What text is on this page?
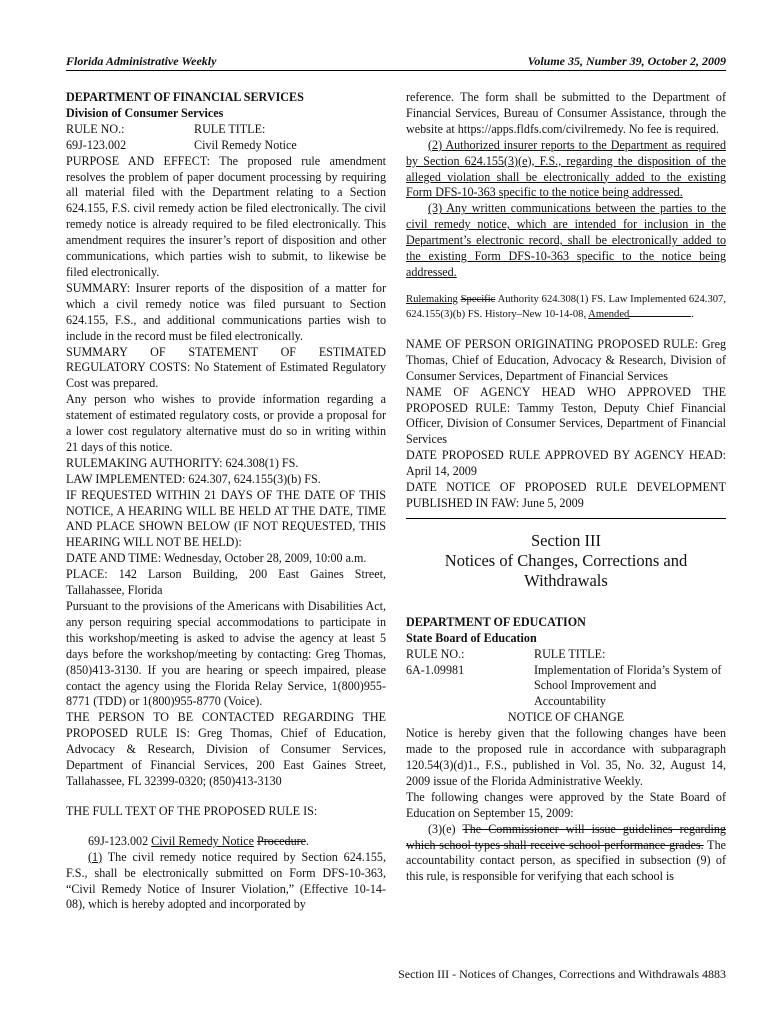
Florida Administrative Weekly	Volume 35, Number 39, October 2, 2009

DEPARTMENT OF FINANCIAL SERVICES

Division of Consumer Services

RULE NO.:	RULE TITLE:
69J-123.002	Civil Remedy Notice

PURPOSE AND EFFECT: The proposed rule amendment resolves the problem of paper document processing by requiring all material filed with the Department relating to a Section 624.155, F.S. civil remedy action be filed electronically. The civil remedy notice is already required to be filed electronically. This amendment requires the insurer’s report of disposition and other communications, which parties wish to submit, to likewise be filed electronically.

SUMMARY: Insurer reports of the disposition of a matter for which a civil remedy notice was filed pursuant to Section 624.155, F.S., and additional communications parties wish to include in the record must be filed electronically.

SUMMARY OF STATEMENT OF ESTIMATED REGULATORY COSTS: No Statement of Estimated Regulatory Cost was prepared.

Any person who wishes to provide information regarding a statement of estimated regulatory costs, or provide a proposal for a lower cost regulatory alternative must do so in writing within 21 days of this notice.

RULEMAKING AUTHORITY: 624.308(1) FS.

LAW IMPLEMENTED: 624.307, 624.155(3)(b) FS.

IF REQUESTED WITHIN 21 DAYS OF THE DATE OF THIS NOTICE, A HEARING WILL BE HELD AT THE DATE, TIME AND PLACE SHOWN BELOW (IF NOT REQUESTED, THIS HEARING WILL NOT BE HELD):

DATE AND TIME: Wednesday, October 28, 2009, 10:00 a.m.

PLACE: 142 Larson Building, 200 East Gaines Street, Tallahassee, Florida

Pursuant to the provisions of the Americans with Disabilities Act, any person requiring special accommodations to participate in this workshop/meeting is asked to advise the agency at least 5 days before the workshop/meeting by contacting: Greg Thomas, (850)413-3130. If you are hearing or speech impaired, please contact the agency using the Florida Relay Service, 1(800)955-8771 (TDD) or 1(800)955-8770 (Voice).

THE PERSON TO BE CONTACTED REGARDING THE PROPOSED RULE IS: Greg Thomas, Chief of Education, Advocacy & Research, Division of Consumer Services, Department of Financial Services, 200 East Gaines Street, Tallahassee, FL 32399-0320; (850)413-3130

THE FULL TEXT OF THE PROPOSED RULE IS:

69J-123.002 Civil Remedy Notice Procedure.

(1) The civil remedy notice required by Section 624.155, F.S., shall be electronically submitted on Form DFS-10-363, “Civil Remedy Notice of Insurer Violation,” (Effective 10-14-08), which is hereby adopted and incorporated by

reference. The form shall be submitted to the Department of Financial Services, Bureau of Consumer Assistance, through the website at https://apps.fldfs.com/civilremedy. No fee is required.

(2) Authorized insurer reports to the Department as required by Section 624.155(3)(e), F.S., regarding the disposition of the alleged violation shall be electronically added to the existing Form DFS-10-363 specific to the notice being addressed.

(3) Any written communications between the parties to the civil remedy notice, which are intended for inclusion in the Department’s electronic record, shall be electronically added to the existing Form DFS-10-363 specific to the notice being addressed.

Rulemaking Specific Authority 624.308(1) FS. Law Implemented 624.307, 624.155(3)(b) FS. History–New 10-14-08, Amended	.

NAME OF PERSON ORIGINATING PROPOSED RULE: Greg Thomas, Chief of Education, Advocacy & Research, Division of Consumer Services, Department of Financial Services

NAME OF AGENCY HEAD WHO APPROVED THE PROPOSED RULE: Tammy Teston, Deputy Chief Financial Officer, Division of Consumer Services, Department of Financial Services

DATE PROPOSED RULE APPROVED BY AGENCY HEAD: April 14, 2009

DATE NOTICE OF PROPOSED RULE DEVELOPMENT PUBLISHED IN FAW: June 5, 2009

Section III

Notices of Changes, Corrections and Withdrawals

DEPARTMENT OF EDUCATION

State Board of Education

RULE NO.:	RULE TITLE:
6A-1.09981	Implementation of Florida’s System of School Improvement and Accountability

NOTICE OF CHANGE

Notice is hereby given that the following changes have been made to the proposed rule in accordance with subparagraph 120.54(3)(d)1., F.S., published in Vol. 35, No. 32, August 14, 2009 issue of the Florida Administrative Weekly.

The following changes were approved by the State Board of Education on September 15, 2009:

(3)(e) The Commissioner will issue guidelines regarding which school types shall receive school performance grades. The accountability contact person, as specified in subsection (9) of this rule, is responsible for verifying that each school is

Section III - Notices of Changes, Corrections and Withdrawals 4883
